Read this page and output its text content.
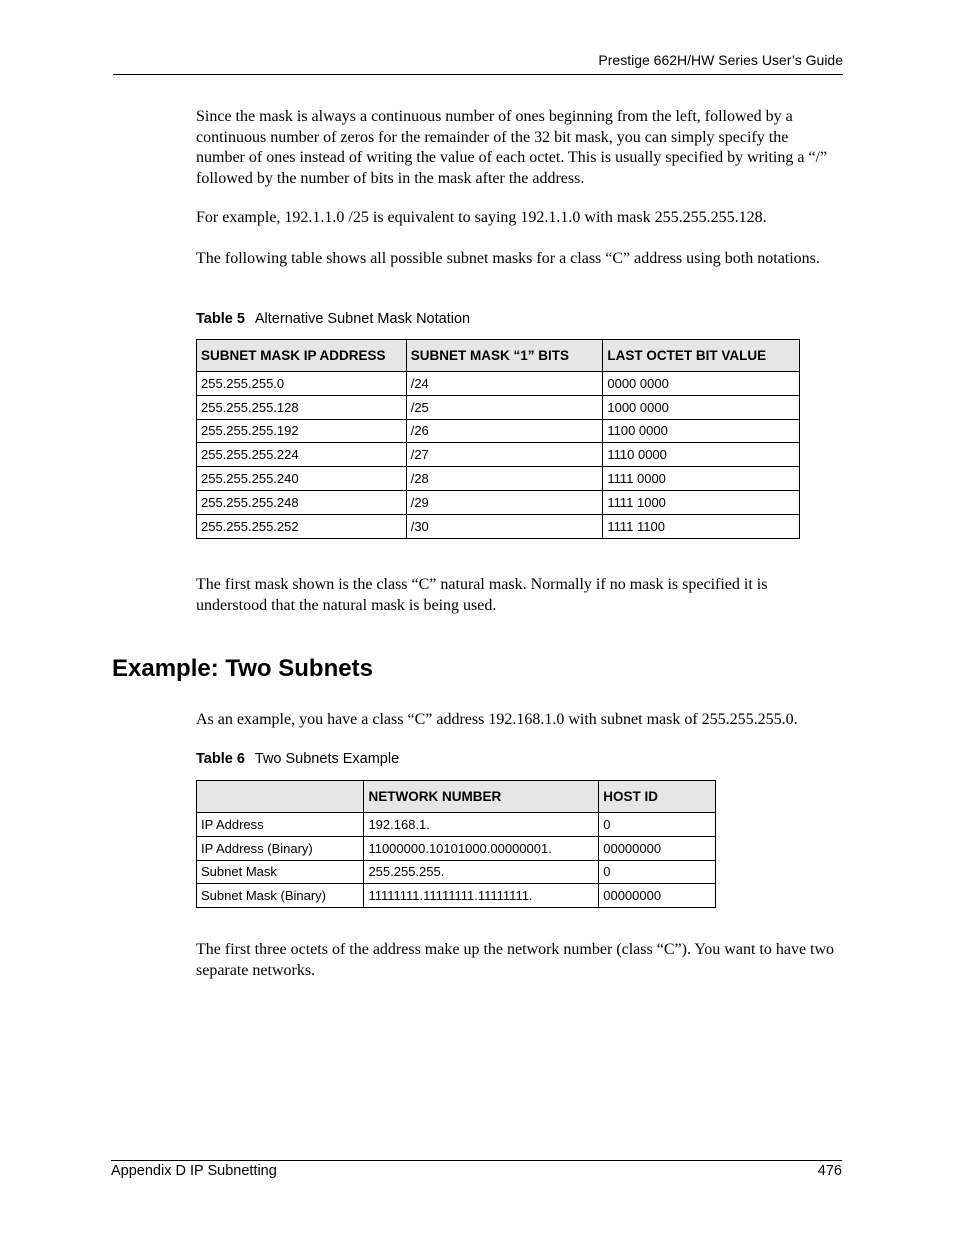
Prestige 662H/HW Series User’s Guide

Since the mask is always a continuous number of ones beginning from the left, followed by a continuous number of zeros for the remainder of the 32 bit mask, you can simply specify the number of ones instead of writing the value of each octet. This is usually specified by writing a “/” followed by the number of bits in the mask after the address.

For example, 192.1.1.0 /25 is equivalent to saying 192.1.1.0 with mask 255.255.255.128.

The following table shows all possible subnet masks for a class “C” address using both notations.

Table 5 Alternative Subnet Mask Notation
SUBNET MASK IP ADDRESS	SUBNET MASK “1” BITS	LAST OCTET BIT VALUE
255.255.255.0	/24	0000 0000
255.255.255.128	/25	1000 0000
255.255.255.192	/26	1100 0000
255.255.255.224	/27	1110 0000
255.255.255.240	/28	1111 0000
255.255.255.248	/29	1111 1000
255.255.255.252	/30	1111 1100

The first mask shown is the class “C” natural mask. Normally if no mask is specified it is understood that the natural mask is being used.

Example: Two Subnets

As an example, you have a class “C” address 192.168.1.0 with subnet mask of 255.255.255.0.

Table 6 Two Subnets Example
	NETWORK NUMBER	HOST ID
IP Address	192.168.1.	0
IP Address (Binary)	11000000.10101000.00000001.	00000000
Subnet Mask	255.255.255.	0
Subnet Mask (Binary)	11111111.11111111.11111111.	00000000

The first three octets of the address make up the network number (class “C”). You want to have two separate networks.

Appendix D IP Subnetting	476
